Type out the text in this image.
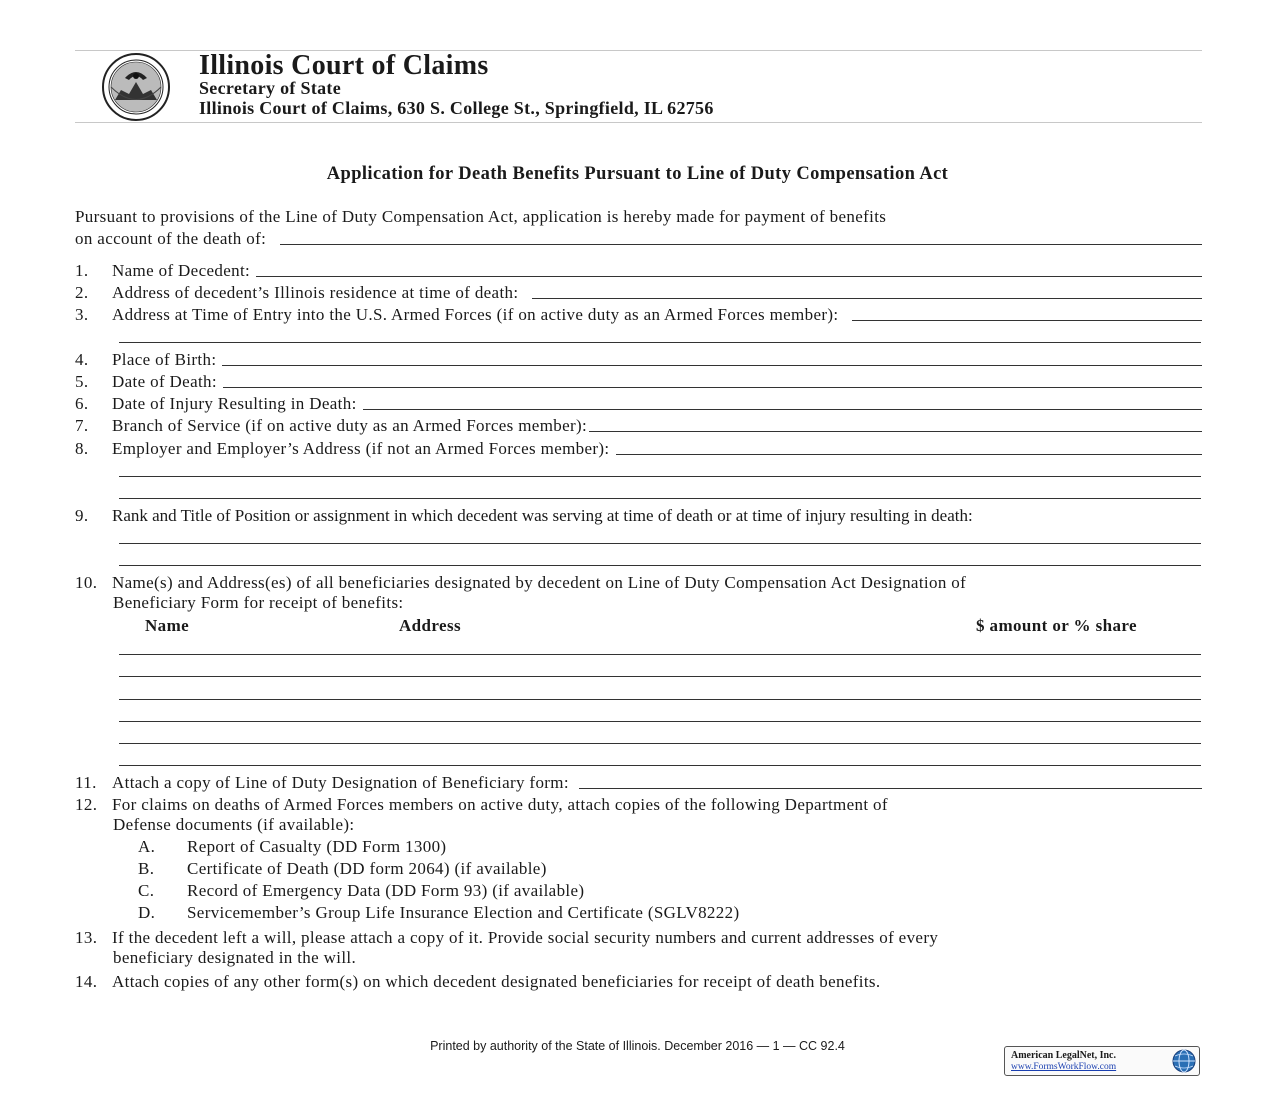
Illinois Court of Claims
Secretary of State
Illinois Court of Claims, 630 S. College St., Springfield, IL 62756
Application for Death Benefits Pursuant to Line of Duty Compensation Act
Pursuant to provisions of the Line of Duty Compensation Act, application is hereby made for payment of benefits
on account of the death of:
1. Name of Decedent:
2. Address of decedent’s Illinois residence at time of death:
3. Address at Time of Entry into the U.S. Armed Forces (if on active duty as an Armed Forces member):
4. Place of Birth:
5. Date of Death:
6. Date of Injury Resulting in Death:
7. Branch of Service (if on active duty as an Armed Forces member):
8. Employer and Employer’s Address (if not an Armed Forces member):
9. Rank and Title of Position or assignment in which decedent was serving at time of death or at time of injury resulting in death:
10. Name(s) and Address(es) of all beneficiaries designated by decedent on Line of Duty Compensation Act Designation of
Beneficiary Form for receipt of benefits:
Name	Address	$ amount or % share
11. Attach a copy of Line of Duty Designation of Beneficiary form:
12. For claims on deaths of Armed Forces members on active duty, attach copies of the following Department of
Defense documents (if available):
A. Report of Casualty (DD Form 1300)
B. Certificate of Death (DD form 2064) (if available)
C. Record of Emergency Data (DD Form 93) (if available)
D. Servicemember’s Group Life Insurance Election and Certificate (SGLV8222)
13. If the decedent left a will, please attach a copy of it. Provide social security numbers and current addresses of every
beneficiary designated in the will.
14. Attach copies of any other form(s) on which decedent designated beneficiaries for receipt of death benefits.
Printed by authority of the State of Illinois. December 2016 — 1 — CC 92.4
American LegalNet, Inc.
www.FormsWorkFlow.com
